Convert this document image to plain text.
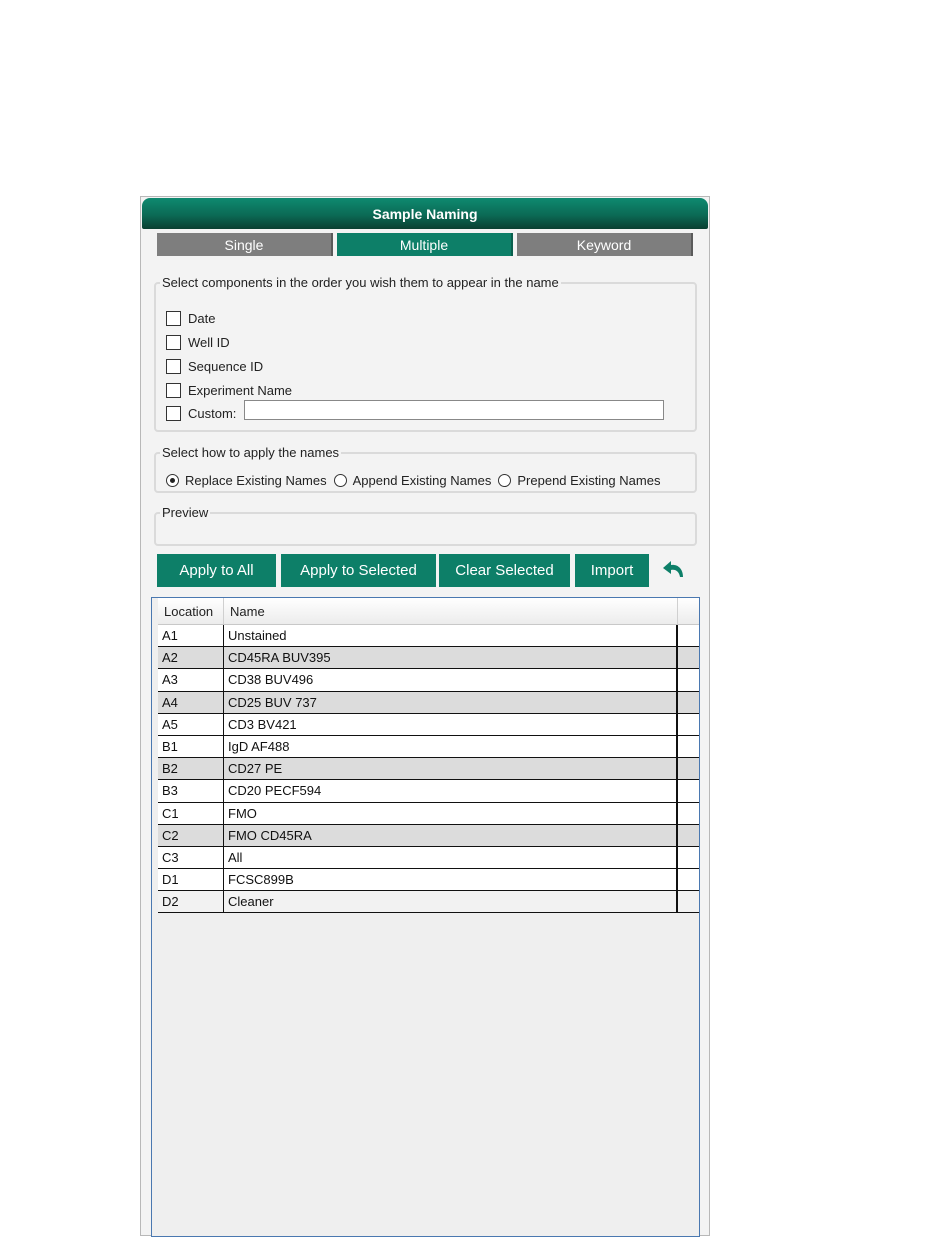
Sample Naming
Single	Multiple	Keyword
Select components in the order you wish them to appear in the name
Date
Well ID
Sequence ID
Experiment Name
Custom:
Select how to apply the names
Replace Existing Names Append Existing Names Prepend Existing Names
Preview
Apply to All	Apply to Selected	Clear Selected	Import
Location	Name
A1	Unstained
A2	CD45RA BUV395
A3	CD38 BUV496
A4	CD25 BUV 737
A5	CD3 BV421
B1	IgD AF488
B2	CD27 PE
B3	CD20 PECF594
C1	FMO
C2	FMO CD45RA
C3	All
D1	FCSC899B
D2	Cleaner
